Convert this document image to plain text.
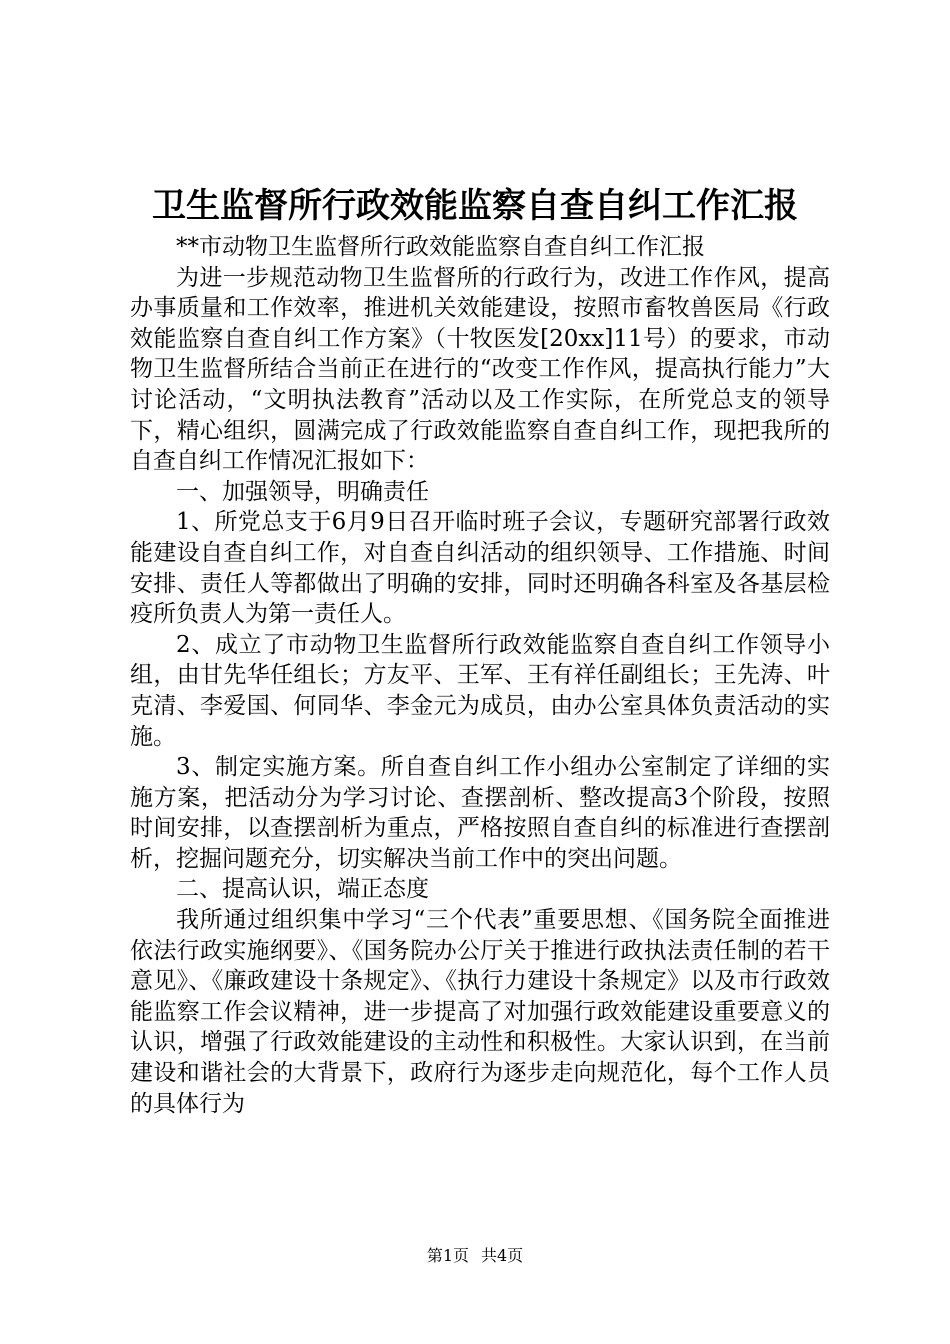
卫生监督所行政效能监察自查自纠工作汇报

**市动物卫生监督所行政效能监察自查自纠工作汇报

为进一步规范动物卫生监督所的行政行为，改进工作作风，提高办事质量和工作效率，推进机关效能建设，按照市畜牧兽医局《行政效能监察自查自纠工作方案》（十牧医发[20xx]11号）的要求，市动物卫生监督所结合当前正在进行的“改变工作作风，提高执行能力”大讨论活动，“文明执法教育”活动以及工作实际，在所党总支的领导下，精心组织，圆满完成了行政效能监察自查自纠工作，现把我所的自查自纠工作情况汇报如下：

一、加强领导，明确责任

1、所党总支于6月9日召开临时班子会议，专题研究部署行政效能建设自查自纠工作，对自查自纠活动的组织领导、工作措施、时间安排、责任人等都做出了明确的安排，同时还明确各科室及各基层检疫所负责人为第一责任人。

2、成立了市动物卫生监督所行政效能监察自查自纠工作领导小组，由甘先华任组长；方友平、王军、王有祥任副组长；王先涛、叶克清、李爱国、何同华、李金元为成员，由办公室具体负责活动的实施。

3、制定实施方案。所自查自纠工作小组办公室制定了详细的实施方案，把活动分为学习讨论、查摆剖析、整改提高3个阶段，按照时间安排，以查摆剖析为重点，严格按照自查自纠的标准进行查摆剖析，挖掘问题充分，切实解决当前工作中的突出问题。

二、提高认识，端正态度

我所通过组织集中学习“三个代表”重要思想、《国务院全面推进依法行政实施纲要》、《国务院办公厅关于推进行政执法责任制的若干意见》、《廉政建设十条规定》、《执行力建设十条规定》以及市行政效能监察工作会议精神，进一步提高了对加强行政效能建设重要意义的认识，增强了行政效能建设的主动性和积极性。大家认识到，在当前建设和谐社会的大背景下，政府行为逐步走向规范化，每个工作人员的具体行为

第1页 共4页
